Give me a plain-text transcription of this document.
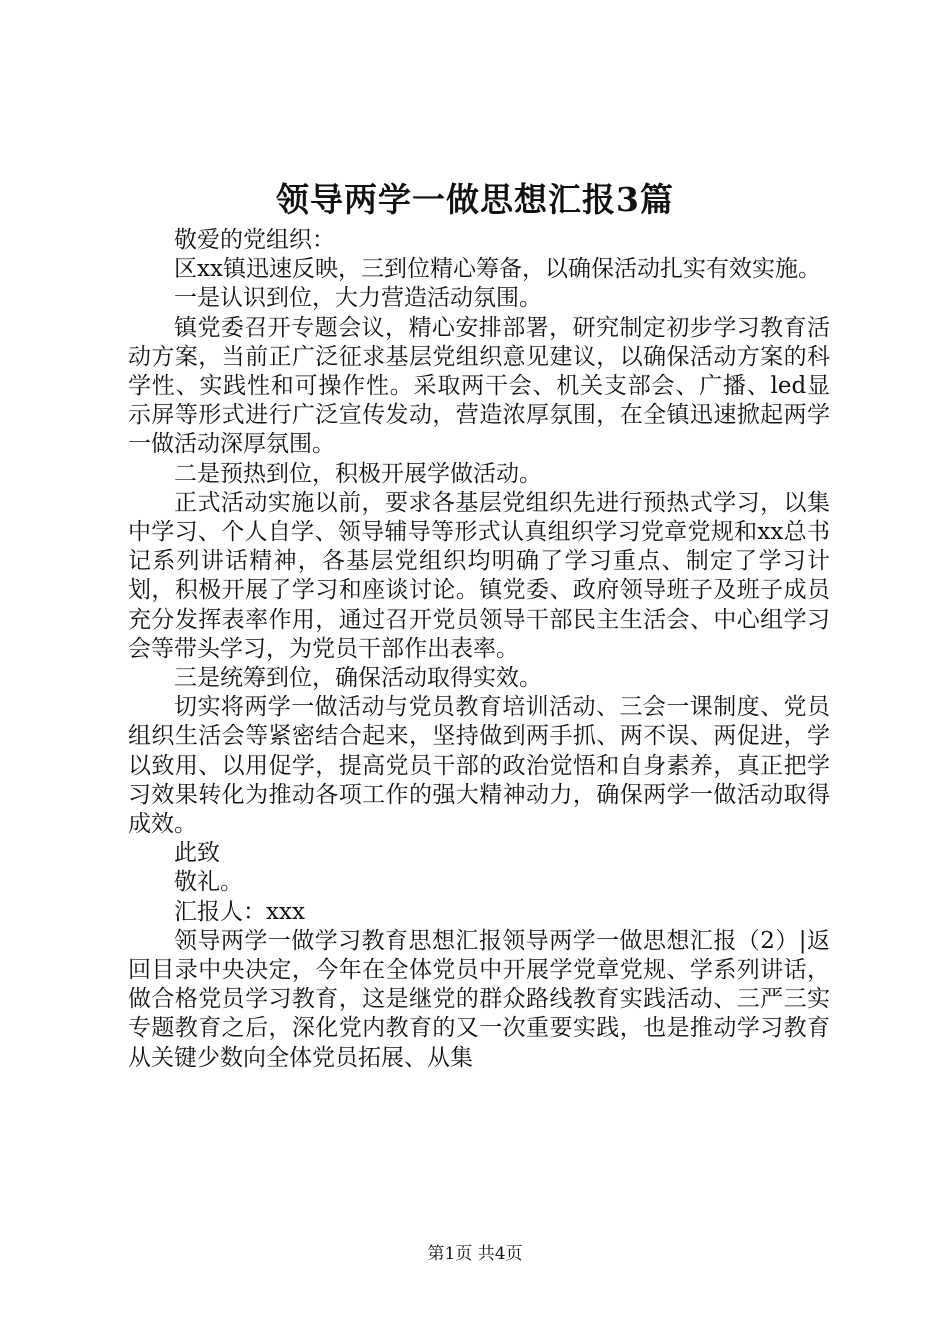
领导两学一做思想汇报3篇

敬爱的党组织：

区xx镇迅速反映，三到位精心筹备，以确保活动扎实有效实施。

一是认识到位，大力营造活动氛围。

镇党委召开专题会议，精心安排部署，研究制定初步学习教育活动方案，当前正广泛征求基层党组织意见建议，以确保活动方案的科学性、实践性和可操作性。采取两干会、机关支部会、广播、led显示屏等形式进行广泛宣传发动，营造浓厚氛围，在全镇迅速掀起两学一做活动深厚氛围。

二是预热到位，积极开展学做活动。

正式活动实施以前，要求各基层党组织先进行预热式学习，以集中学习、个人自学、领导辅导等形式认真组织学习党章党规和xx总书记系列讲话精神，各基层党组织均明确了学习重点、制定了学习计划，积极开展了学习和座谈讨论。镇党委、政府领导班子及班子成员充分发挥表率作用，通过召开党员领导干部民主生活会、中心组学习会等带头学习，为党员干部作出表率。

三是统筹到位，确保活动取得实效。

切实将两学一做活动与党员教育培训活动、三会一课制度、党员组织生活会等紧密结合起来，坚持做到两手抓、两不误、两促进，学以致用、以用促学，提高党员干部的政治觉悟和自身素养，真正把学习效果转化为推动各项工作的强大精神动力，确保两学一做活动取得成效。

此致

敬礼。

汇报人：xxx

领导两学一做学习教育思想汇报领导两学一做思想汇报（2）|返回目录中央决定，今年在全体党员中开展学党章党规、学系列讲话，做合格党员学习教育，这是继党的群众路线教育实践活动、三严三实专题教育之后，深化党内教育的又一次重要实践，也是推动学习教育从关键少数向全体党员拓展、从集

第1页 共4页
